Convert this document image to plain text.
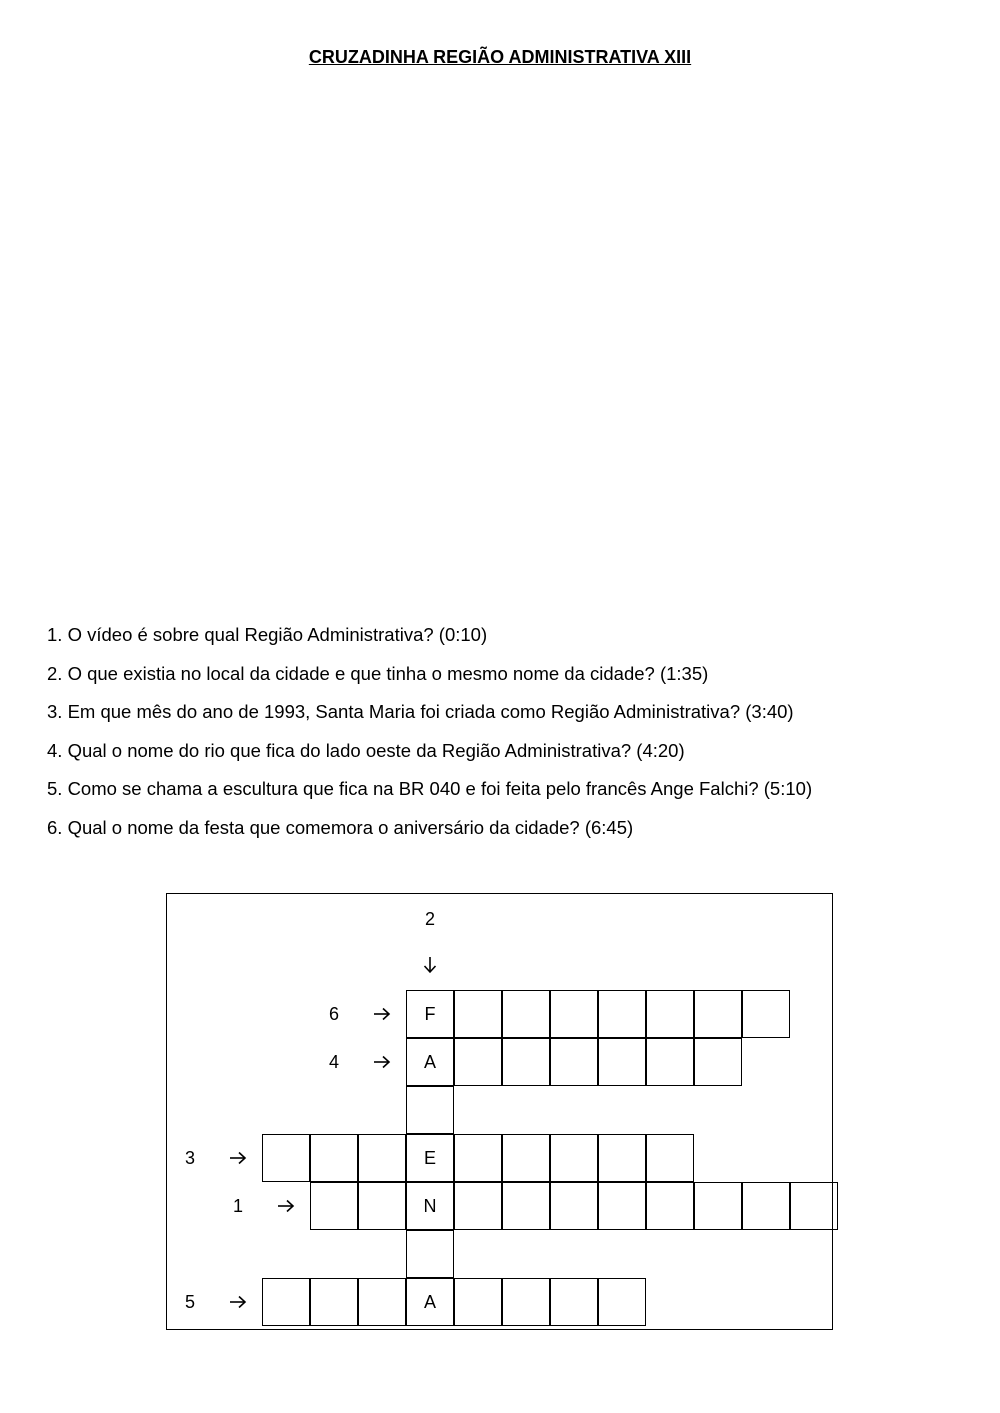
CRUZADINHA REGIÃO ADMINISTRATIVA XIII
1. O vídeo é sobre qual Região Administrativa? (0:10)
2. O que existia no local da cidade e que tinha o mesmo nome da cidade? (1:35)
3. Em que mês do ano de 1993, Santa Maria foi criada como Região Administrativa? (3:40)
4. Qual o nome do rio que fica do lado oeste da Região Administrativa? (4:20)
5. Como se chama a escultura que fica na BR 040 e foi feita pelo francês Ange Falchi? (5:10)
6. Qual o nome da festa que comemora o aniversário da cidade? (6:45)
2
6	F
4	A
3	E
1	N
5	A
